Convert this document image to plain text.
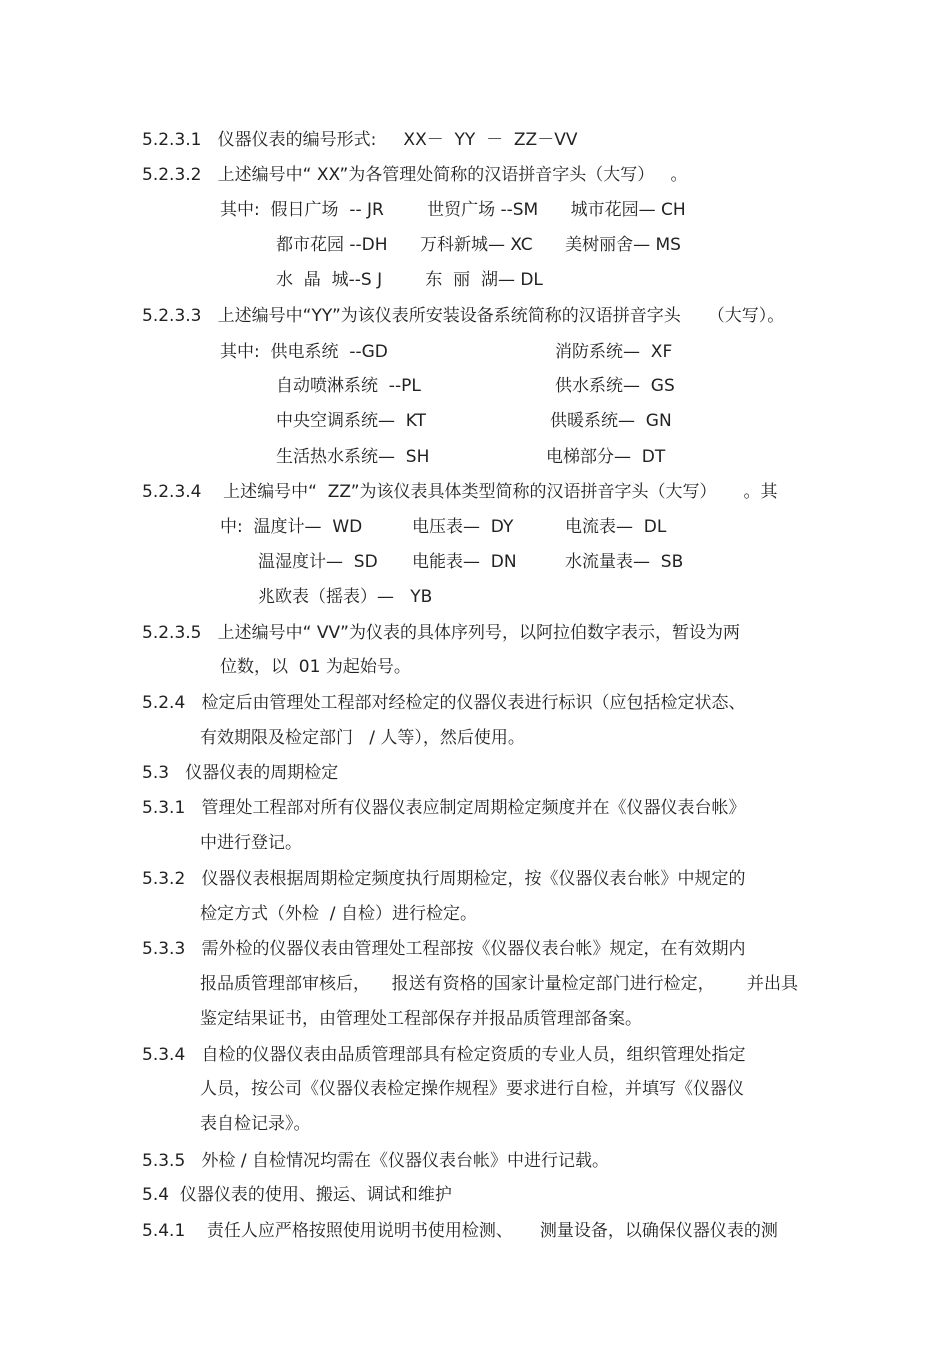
5.2.3.1   仪器仪表的编号形式:     XX－  YY  －  ZZ－VV
5.2.3.2   上述编号中“ XX”为各管理处简称的汉语拼音字头（大写）   。
其中:  假日广场  -- JR        世贸广场 --SM      城市花园— CH
都市花园 --DH      万科新城— XC      美树丽舍— MS
水  晶  城--S J        东  丽  湖— DL
5.2.3.3   上述编号中“YY”为该仪表所安装设备系统简称的汉语拼音字头     （大写）。
其中:  供电系统  --GD	消防系统—  XF
自动喷淋系统  --PL	供水系统—  GS
中央空调系统—  KT	供暖系统—  GN
生活热水系统—  SH	电梯部分—  DT
5.2.3.4    上述编号中“  ZZ”为该仪表具体类型简称的汉语拼音字头（大写）     。其
中:  温度计—  WD	电压表—  DY	电流表—  DL
温湿度计—  SD 电能表—  DN	水流量表—  SB
兆欧表（摇表）—   YB
5.2.3.5   上述编号中“ VV”为仪表的具体序列号，以阿拉伯数字表示，暂设为两
位数，以  01 为起始号。
5.2.4   检定后由管理处工程部对经检定的仪器仪表进行标识（应包括检定状态、
有效期限及检定部门   / 人等），然后使用。
5.3   仪器仪表的周期检定
5.3.1   管理处工程部对所有仪器仪表应制定周期检定频度并在《仪器仪表台帐》
中进行登记。
5.3.2   仪器仪表根据周期检定频度执行周期检定，按《仪器仪表台帐》中规定的
检定方式（外检  / 自检）进行检定。
5.3.3   需外检的仪器仪表由管理处工程部按《仪器仪表台帐》规定，在有效期内
报品质管理部审核后，    报送有资格的国家计量检定部门进行检定，      并出具
鉴定结果证书，由管理处工程部保存并报品质管理部备案。
5.3.4   自检的仪器仪表由品质管理部具有检定资质的专业人员，组织管理处指定
人员，按公司《仪器仪表检定操作规程》要求进行自检，并填写《仪器仪
表自检记录》。
5.3.5   外检 / 自检情况均需在《仪器仪表台帐》中进行记载。
5.4  仪器仪表的使用、搬运、调试和维护
5.4.1    责任人应严格按照使用说明书使用检测、     测量设备，以确保仪器仪表的测
